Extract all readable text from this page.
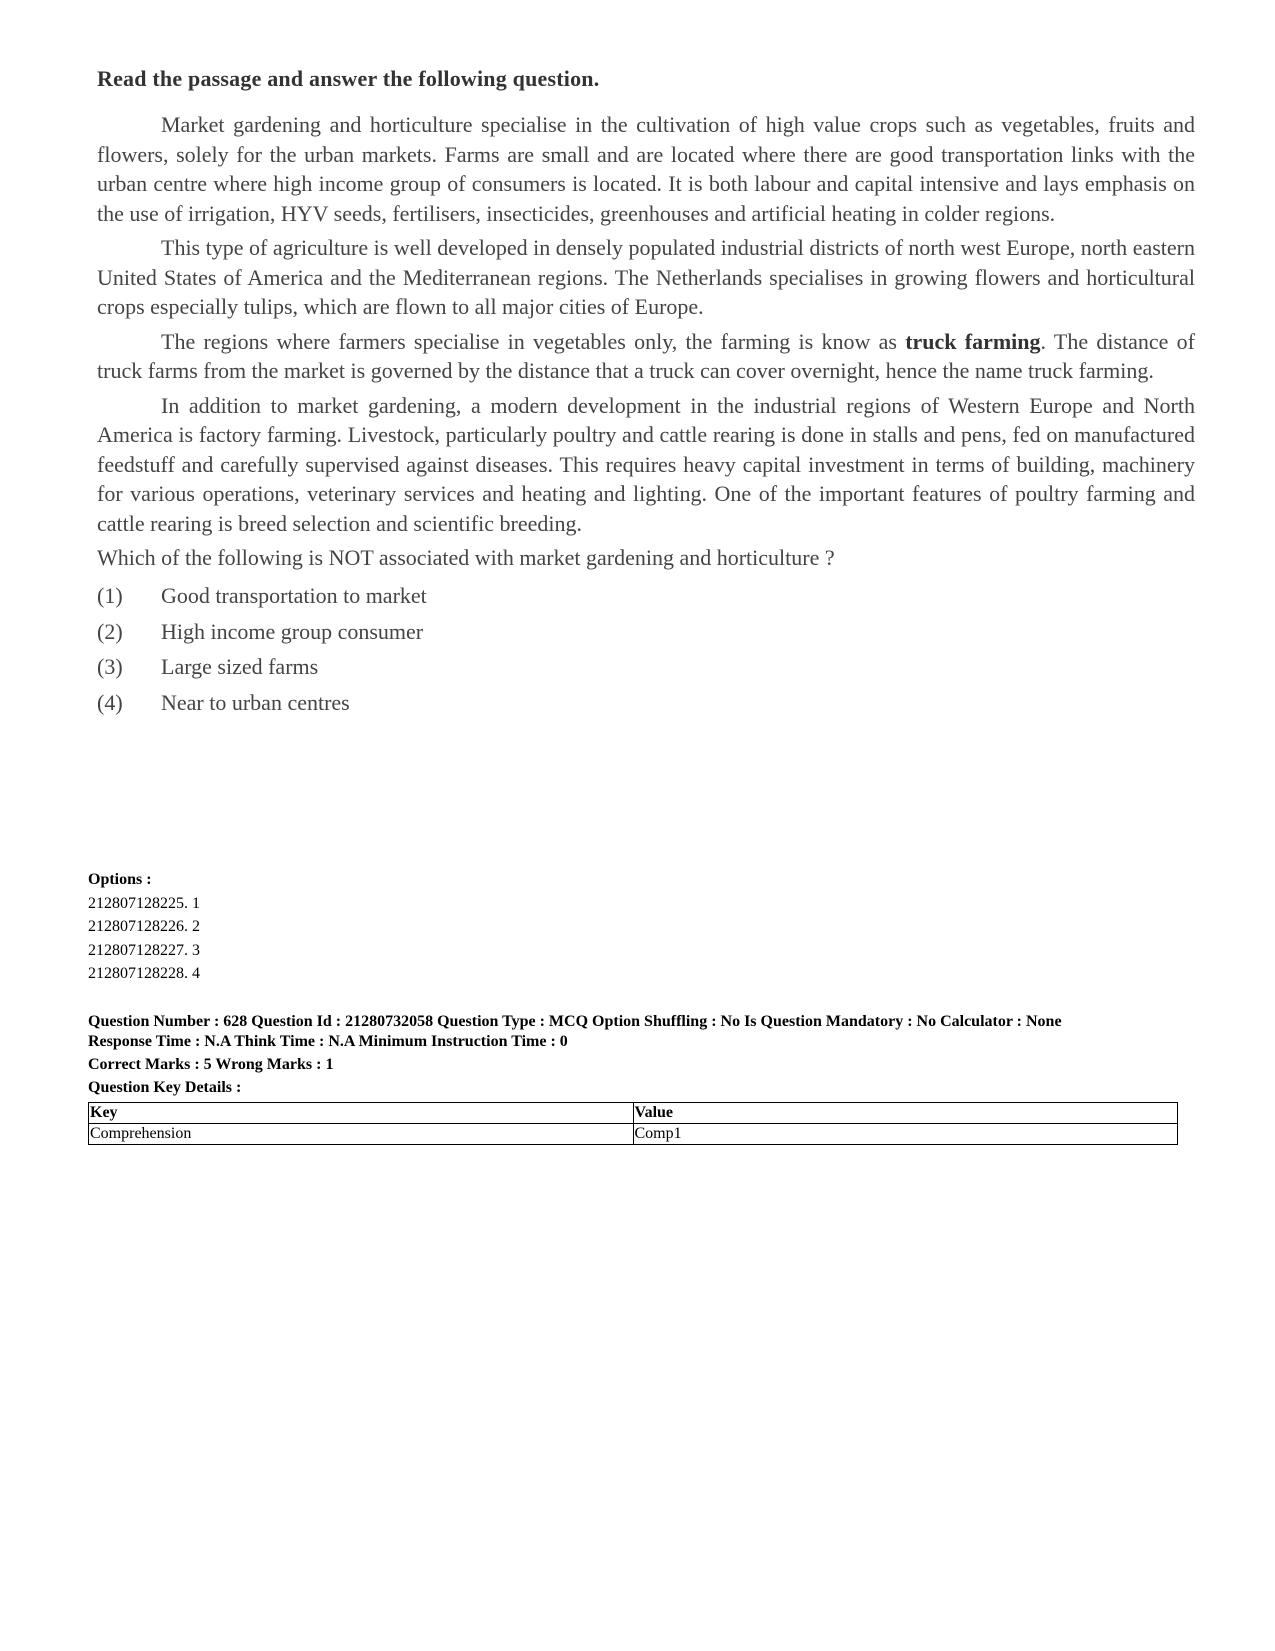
Read the passage and answer the following question.

Market gardening and horticulture specialise in the cultivation of high value crops such as vegetables, fruits and flowers, solely for the urban markets. Farms are small and are located where there are good transportation links with the urban centre where high income group of consumers is located. It is both labour and capital intensive and lays emphasis on the use of irrigation, HYV seeds, fertilisers, insecticides, greenhouses and artificial heating in colder regions.

This type of agriculture is well developed in densely populated industrial districts of north west Europe, north eastern United States of America and the Mediterranean regions. The Netherlands specialises in growing flowers and horticultural crops especially tulips, which are flown to all major cities of Europe.

The regions where farmers specialise in vegetables only, the farming is know as truck farming. The distance of truck farms from the market is governed by the distance that a truck can cover overnight, hence the name truck farming.

In addition to market gardening, a modern development in the industrial regions of Western Europe and North America is factory farming. Livestock, particularly poultry and cattle rearing is done in stalls and pens, fed on manufactured feedstuff and carefully supervised against diseases. This requires heavy capital investment in terms of building, machinery for various operations, veterinary services and heating and lighting. One of the important features of poultry farming and cattle rearing is breed selection and scientific breeding.

Which of the following is NOT associated with market gardening and horticulture ?
(1)	Good transportation to market
(2)	High income group consumer
(3)	Large sized farms
(4)	Near to urban centres
Options :
212807128225. 1
212807128226. 2
212807128227. 3
212807128228. 4
Question Number : 628 Question Id : 21280732058 Question Type : MCQ Option Shuffling : No Is Question Mandatory : No Calculator : None
Response Time : N.A Think Time : N.A Minimum Instruction Time : 0
Correct Marks : 5 Wrong Marks : 1
Question Key Details :
Key	Value
Comprehension	Comp1
